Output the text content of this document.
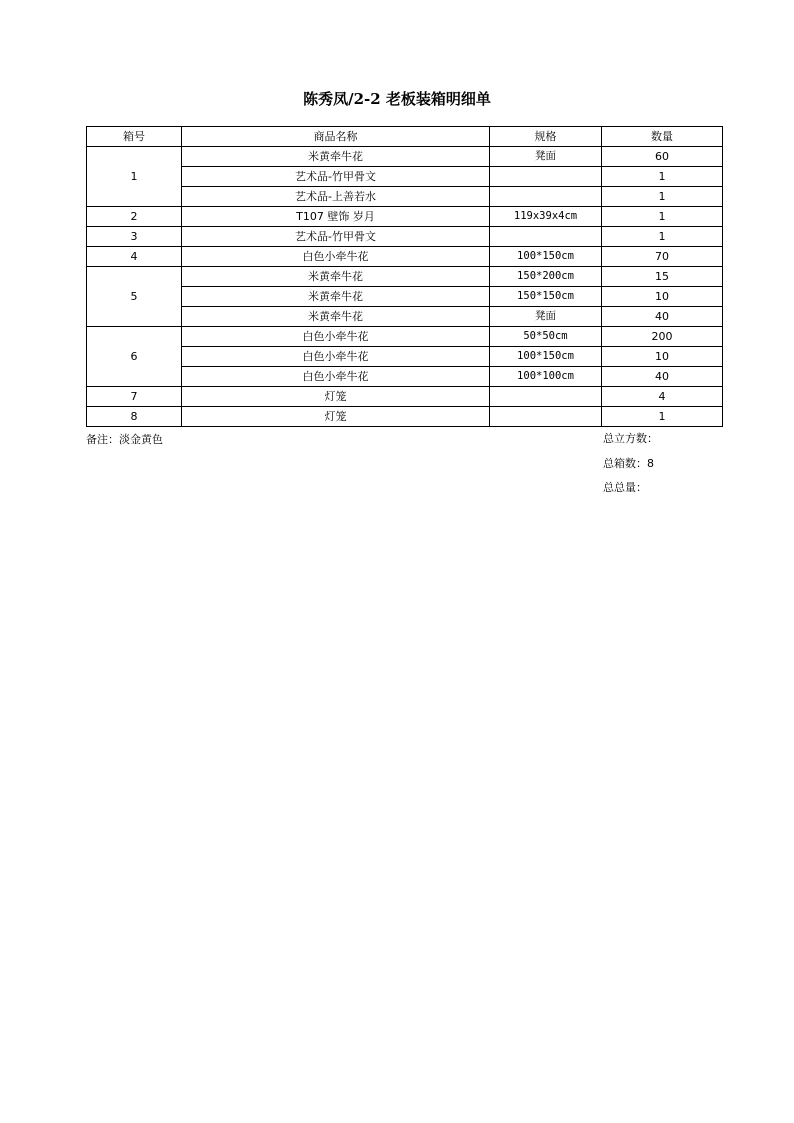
陈秀凤/2-2 老板装箱明细单
箱号	商品名称	规格	数量
1	米黄牵牛花	凳面	60
	艺术品-竹甲骨文		1
	艺术品-上善若水		1
2	T107 壁饰 岁月	119x39x4cm	1
3	艺术品-竹甲骨文		1
4	白色小牵牛花	100*150cm	70
5	米黄牵牛花	150*200cm	15
	米黄牵牛花	150*150cm	10
	米黄牵牛花	凳面	40
6	白色小牵牛花	50*50cm	200
	白色小牵牛花	100*150cm	10
	白色小牵牛花	100*100cm	40
7	灯笼		4
8	灯笼		1
备注：淡金黄色	总立方数：
总箱数：8
总总量：
